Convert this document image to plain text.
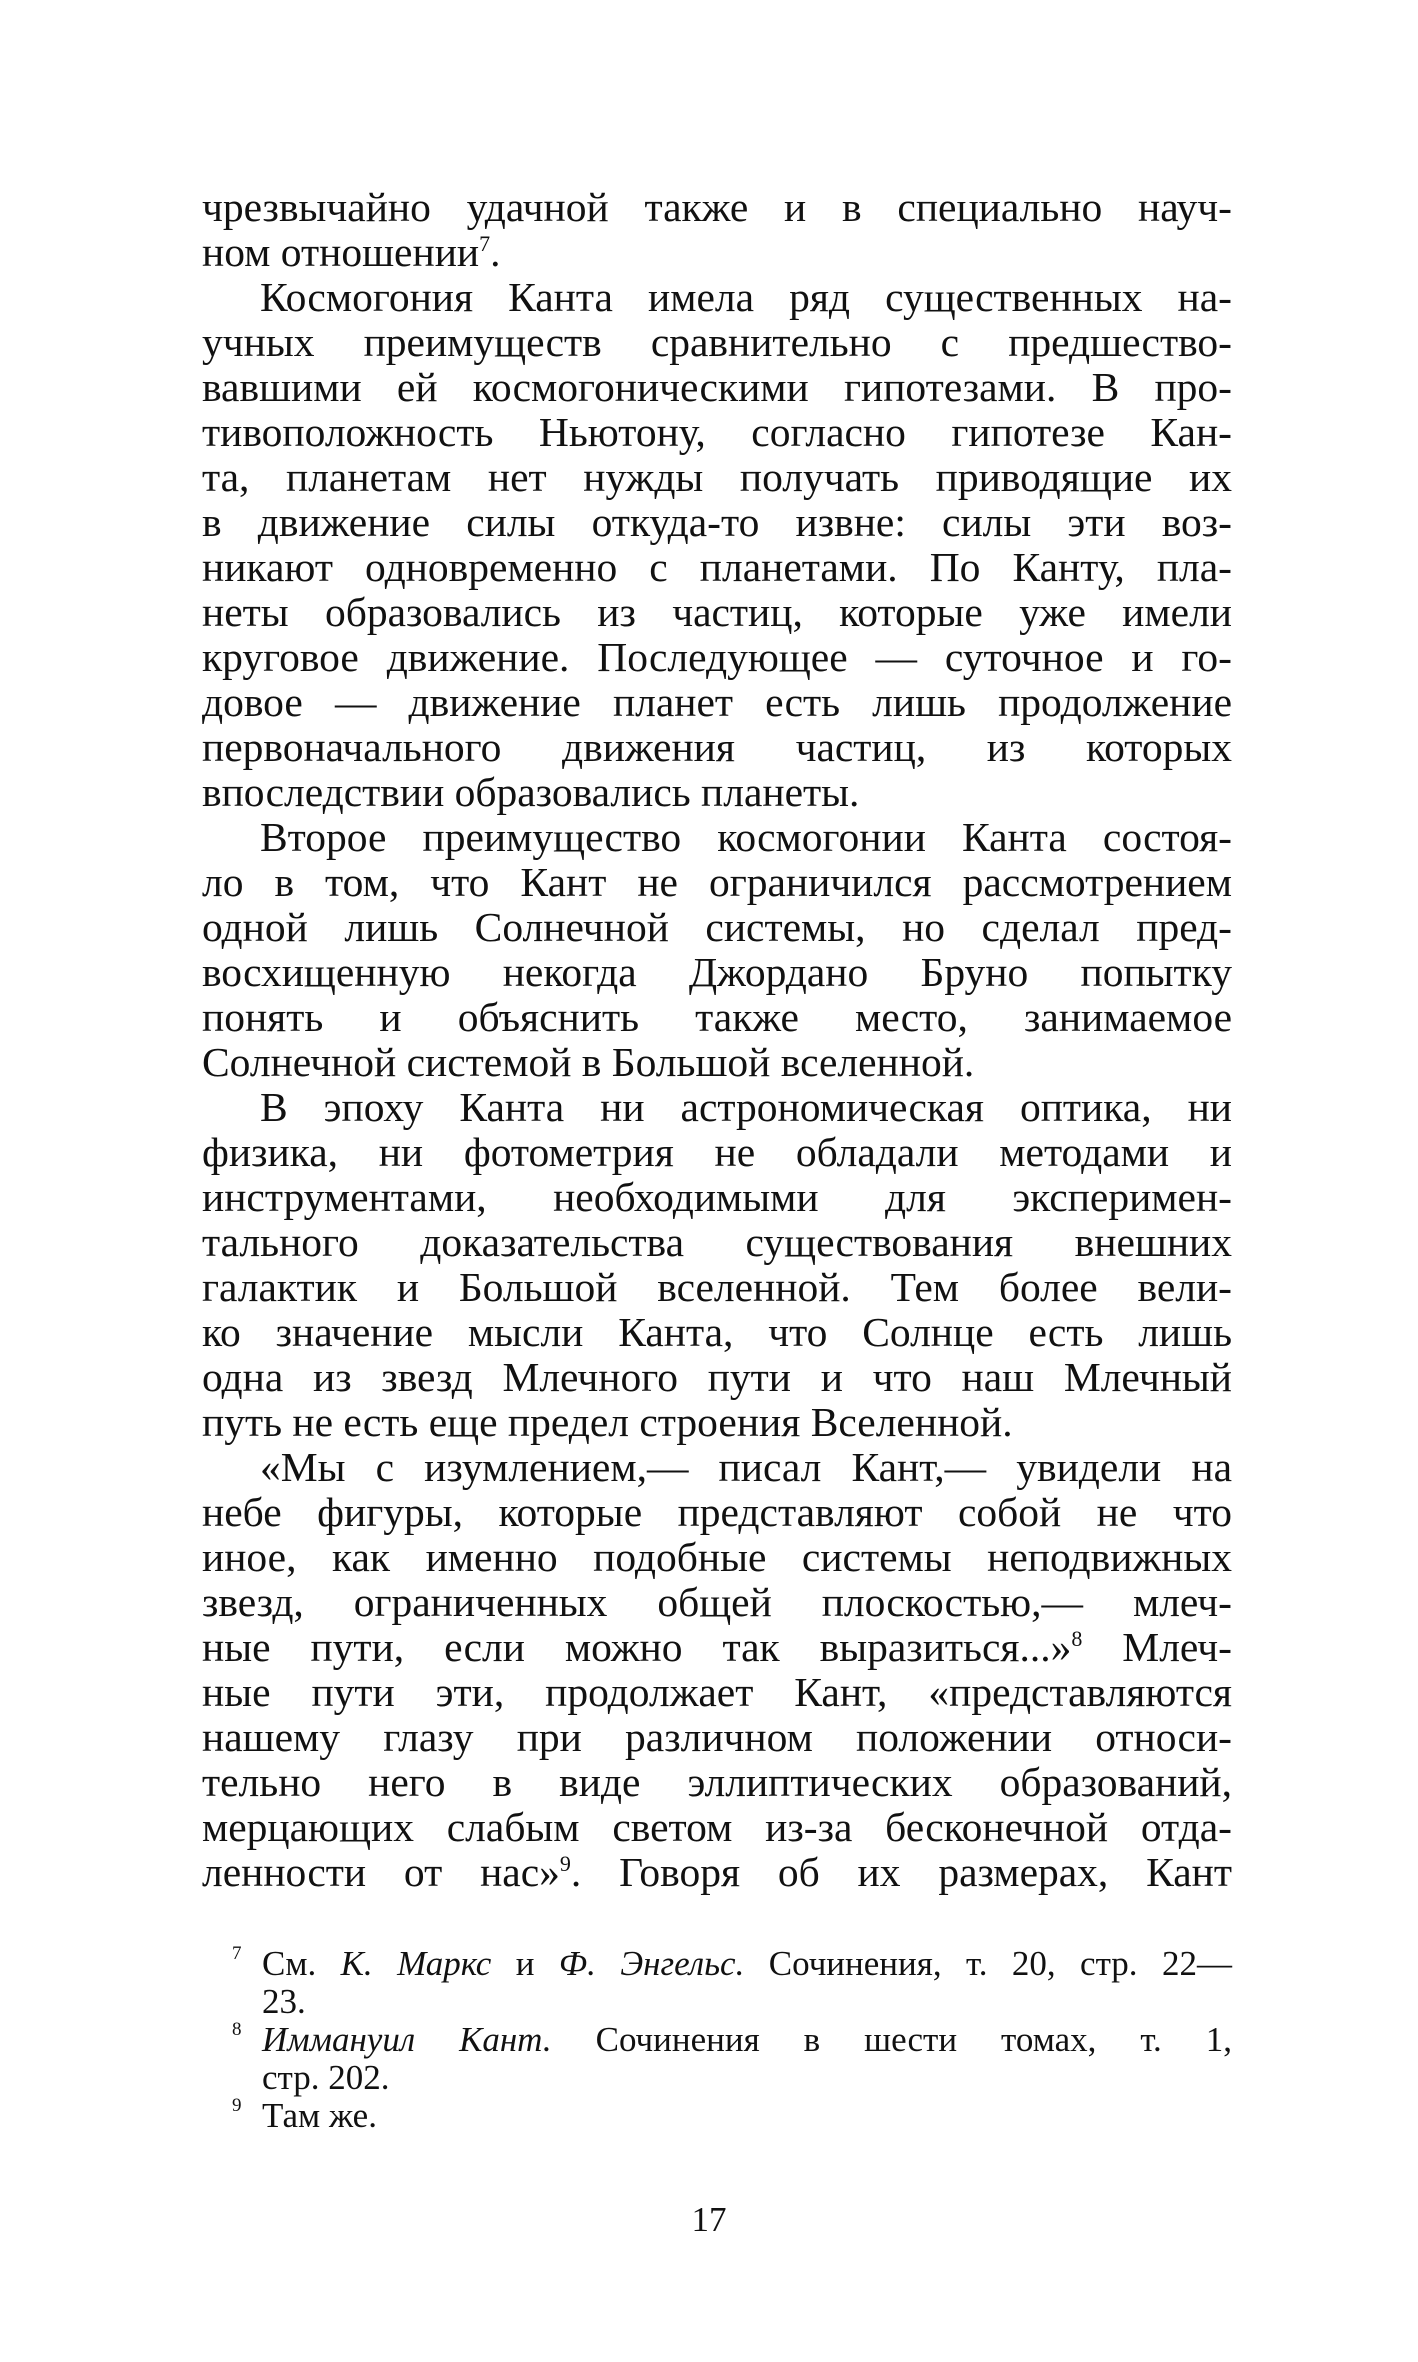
чрезвычайно удачной также и в специально науч-
ном отношении$^7$.
Космогония Канта имела ряд существенных на-
учных преимуществ сравнительно с предшество-
вавшими ей космогоническими гипотезами. В про-
тивоположность Ньютону, согласно гипотезе Кан-
та, планетам нет нужды получать приводящие их
в движение силы откуда-то извне: силы эти воз-
никают одновременно с планетами. По Канту, пла-
неты образовались из частиц, которые уже имели
круговое движение. Последующее — суточное и го-
довое — движение планет есть лишь продолжение
первоначального движения частиц, из которых
впоследствии образовались планеты.
Второе преимущество космогонии Канта состоя-
ло в том, что Кант не ограничился рассмотрением
одной лишь Солнечной системы, но сделал пред-
восхищенную некогда Джордано Бруно попытку
понять и объяснить также место, занимаемое
Солнечной системой в Большой вселенной.
В эпоху Канта ни астрономическая оптика, ни
физика, ни фотометрия не обладали методами и
инструментами, необходимыми для эксперимен-
тального доказательства существования внешних
галактик и Большой вселенной. Тем более вели-
ко значение мысли Канта, что Солнце есть лишь
одна из звезд Млечного пути и что наш Млечный
путь не есть еще предел строения Вселенной.
«Мы с изумлением,— писал Кант,— увидели на
небе фигуры, которые представляют собой не что
иное, как именно подобные системы неподвижных
звезд, ограниченных общей плоскостью,— млеч-
ные пути, если можно так выразиться...»$^8$ Млеч-
ные пути эти, продолжает Кант, «представляются
нашему глазу при различном положении относи-
тельно него в виде эллиптических образований,
мерцающих слабым светом из-за бесконечной отда-
ленности от нас»$^9$. Говоря об их размерах, Кант
7 См. К. Маркс и Ф. Энгельс. Сочинения, т. 20, стр. 22—
23.
8 Иммануил Кант. Сочинения в шести томах, т. 1,
стр. 202.
9 Там же.
17
